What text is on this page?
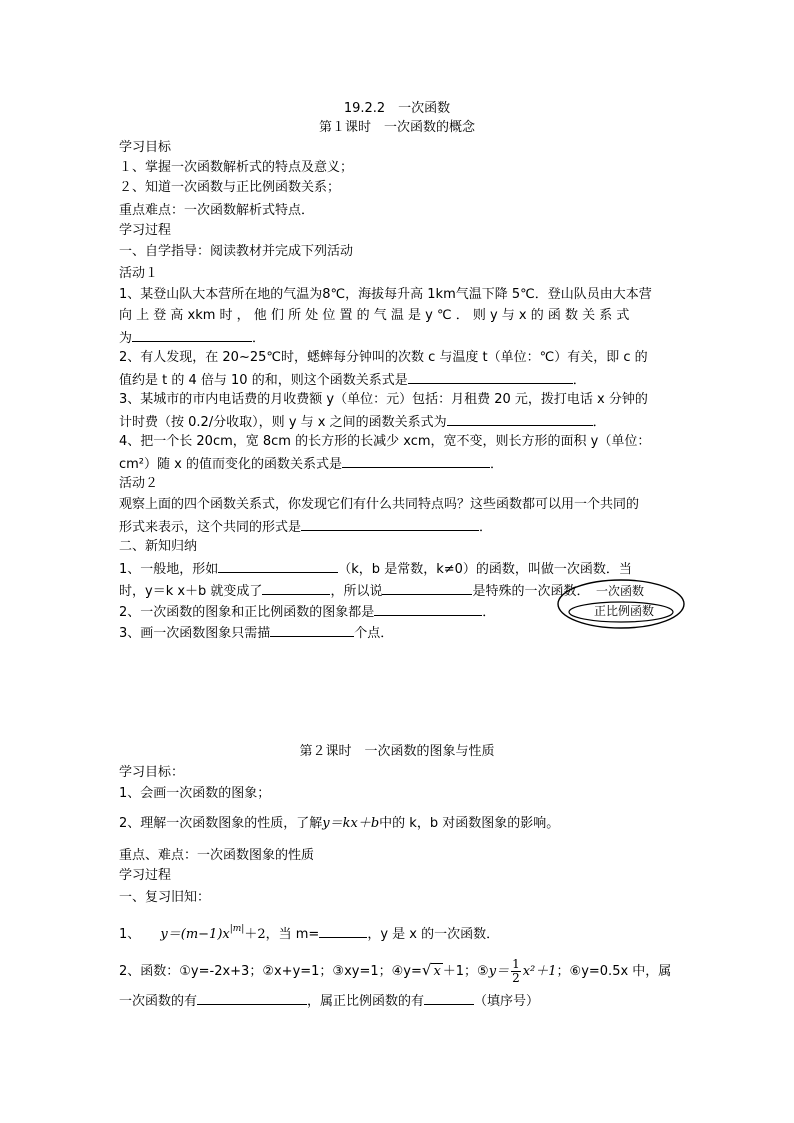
19.2.2　一次函数
第１课时　一次函数的概念
学习目标
１、掌握一次函数解析式的特点及意义；
２、知道一次函数与正比例函数关系；
重点难点：一次函数解析式特点．
学习过程
一、自学指导：阅读教材并完成下列活动
活动１
1、某登山队大本营所在地的气温为8℃，海拔每升高 1km气温下降 5℃．登山队员由大本营
向 上 登 高 xkm 时 ， 他 们 所 处 位 置 的 气 温 是 y ℃ ． 则 y 与 x 的 函 数 关 系 式
为	．
2、有人发现，在 20~25℃时，蟋蟀每分钟叫的次数 c 与温度 t（单位：℃）有关，即 c 的
值约是 t 的 4 倍与 10 的和，则这个函数关系式是	．
3、某城市的市内电话费的月收费额 y（单位：元）包括：月租费 20 元，拨打电话 x 分钟的
计时费（按 0.2/分收取），则 y 与 x 之间的函数关系式为	．
4、把一个长 20cm，宽 8cm 的长方形的长减少 xcm，宽不变，则长方形的面积 y（单位：
cm²）随 x 的值而变化的函数关系式是	．
活动２
观察上面的四个函数关系式，你发现它们有什么共同特点吗？这些函数都可以用一个共同的
形式来表示，这个共同的形式是	．
二、新知归纳
1、一般地，形如	（k，b 是常数，k≠0）的函数，叫做一次函数．当
时，y＝k x＋b 就变成了	，所以说	是特殊的一次函数．
2、一次函数的图象和正比例函数的图象都是	．
3、画一次函数图象只需描	个点．
一次函数
正比例函数
第２课时　一次函数的图象与性质
学习目标：
1、会画一次函数的图象；
2、理解一次函数图象的性质，了解y＝kx＋b中的 k，b 对函数图象的影响。
重点、难点：一次函数图象的性质
学习过程
一、复习旧知：
1、 $y=(m-1)x^{|m|}+2$，当 m=	，y 是 x 的一次函数．
2、函数：①y=-2x+3；②x+y=1；③xy=1；④y=√ x ＋1；⑤y＝ $\frac{1}{2} x^2+1$；⑥y=0.5x 中，属
一次函数的有	，属正比例函数的有	（填序号）
